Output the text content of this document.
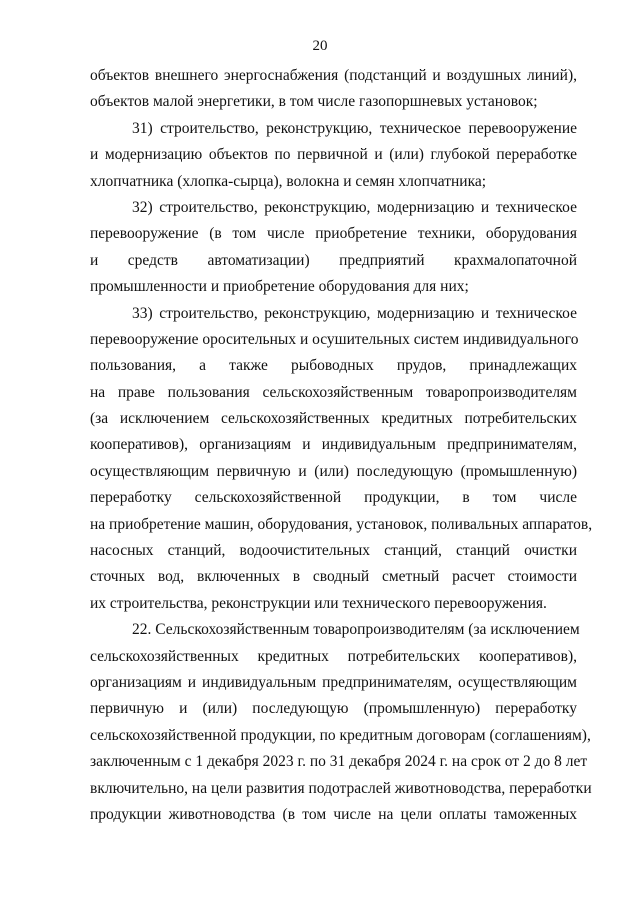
20
объектов внешнего энергоснабжения (подстанций и воздушных линий),
объектов малой энергетики, в том числе газопоршневых установок;
31) строительство, реконструкцию, техническое перевооружение
и модернизацию объектов по первичной и (или) глубокой переработке
хлопчатника (хлопка-сырца), волокна и семян хлопчатника;
32) строительство, реконструкцию, модернизацию и техническое
перевооружение (в том числе приобретение техники, оборудования
и средств автоматизации) предприятий крахмалопаточной
промышленности и приобретение оборудования для них;
33) строительство, реконструкцию, модернизацию и техническое
перевооружение оросительных и осушительных систем индивидуального
пользования, а также рыбоводных прудов, принадлежащих
на праве пользования сельскохозяйственным товаропроизводителям
(за исключением сельскохозяйственных кредитных потребительских
кооперативов), организациям и индивидуальным предпринимателям,
осуществляющим первичную и (или) последующую (промышленную)
переработку сельскохозяйственной продукции, в том числе
на приобретение машин, оборудования, установок, поливальных аппаратов,
насосных станций, водоочистительных станций, станций очистки
сточных вод, включенных в сводный сметный расчет стоимости
их строительства, реконструкции или технического перевооружения.
22. Сельскохозяйственным товаропроизводителям (за исключением
сельскохозяйственных кредитных потребительских кооперативов),
организациям и индивидуальным предпринимателям, осуществляющим
первичную и (или) последующую (промышленную) переработку
сельскохозяйственной продукции, по кредитным договорам (соглашениям),
заключенным с 1 декабря 2023 г. по 31 декабря 2024 г. на срок от 2 до 8 лет
включительно, на цели развития подотраслей животноводства, переработки
продукции животноводства (в том числе на цели оплаты таможенных
